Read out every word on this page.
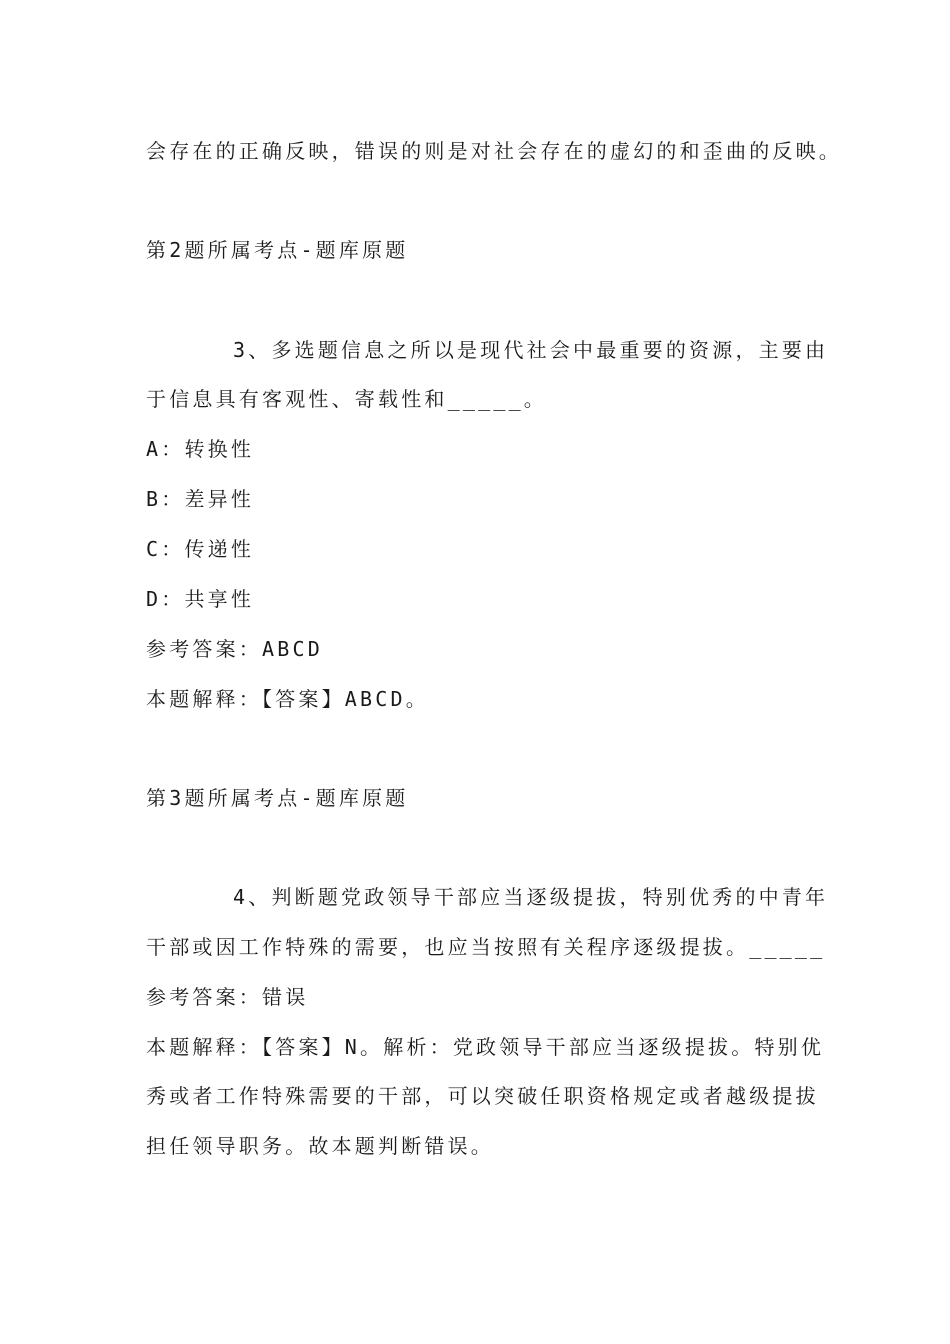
会存在的正确反映，错误的则是对社会存在的虚幻的和歪曲的反映。
第2题所属考点-题库原题
3、多选题信息之所以是现代社会中最重要的资源，主要由
于信息具有客观性、寄载性和_____。
A：转换性
B：差异性
C：传递性
D：共享性
参考答案：ABCD
本题解释：【答案】ABCD。
第3题所属考点-题库原题
4、判断题党政领导干部应当逐级提拔，特别优秀的中青年
干部或因工作特殊的需要，也应当按照有关程序逐级提拔。_____
参考答案：错误
本题解释：【答案】N。解析：党政领导干部应当逐级提拔。特别优
秀或者工作特殊需要的干部，可以突破任职资格规定或者越级提拔
担任领导职务。故本题判断错误。
